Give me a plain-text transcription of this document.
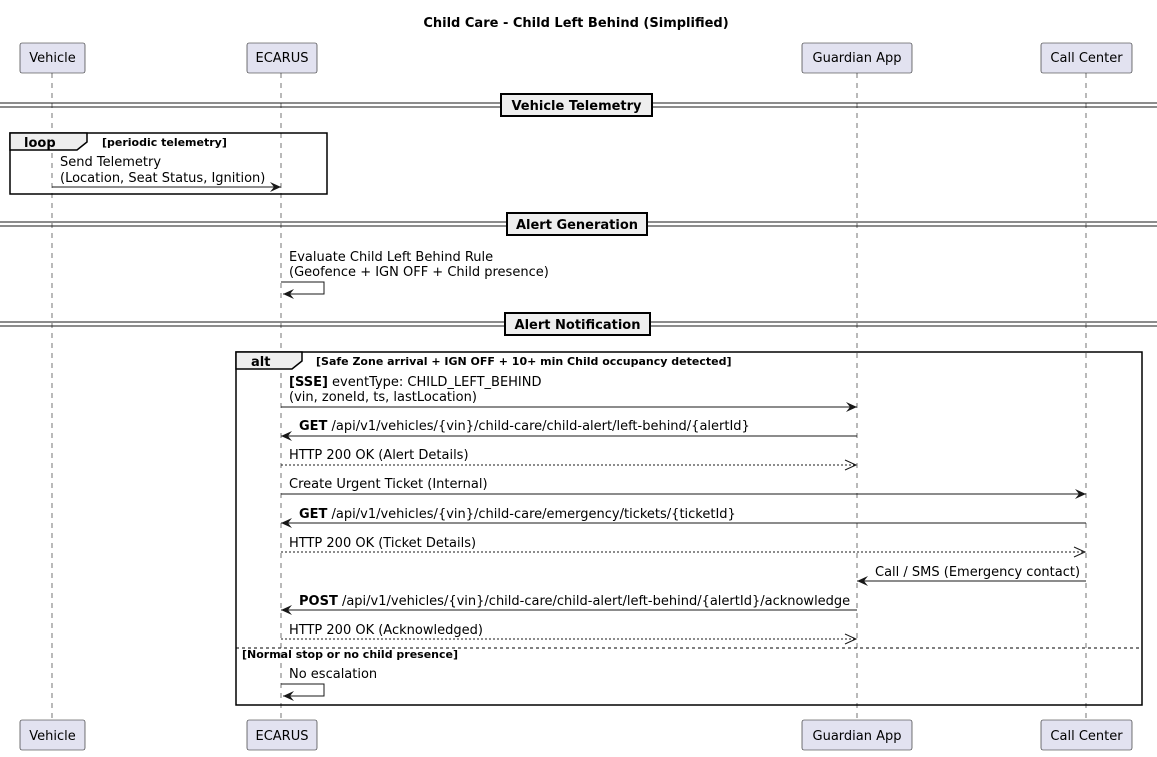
Child Care - Child Left Behind (Simplified)
Vehicle	ECARUS	Guardian App	Call Center
Vehicle	ECARUS	Guardian App	Call Center
Vehicle Telemetry
loop	[periodic telemetry]
Send Telemetry
(Location, Seat Status, Ignition)
Alert Generation
Evaluate Child Left Behind Rule
(Geofence + IGN OFF + Child presence)
Alert Notification
alt	[Safe Zone arrival + IGN OFF + 10+ min Child occupancy detected]
[Normal stop or no child presence]
[SSE] eventType: CHILD_LEFT_BEHIND
(vin, zoneId, ts, lastLocation)
GET /api/v1/vehicles/{vin}/child-care/child-alert/left-behind/{alertId}
HTTP 200 OK (Alert Details)
Create Urgent Ticket (Internal)
GET /api/v1/vehicles/{vin}/child-care/emergency/tickets/{ticketId}
HTTP 200 OK (Ticket Details)
Call / SMS (Emergency contact)
POST /api/v1/vehicles/{vin}/child-care/child-alert/left-behind/{alertId}/acknowledge
HTTP 200 OK (Acknowledged)
No escalation
